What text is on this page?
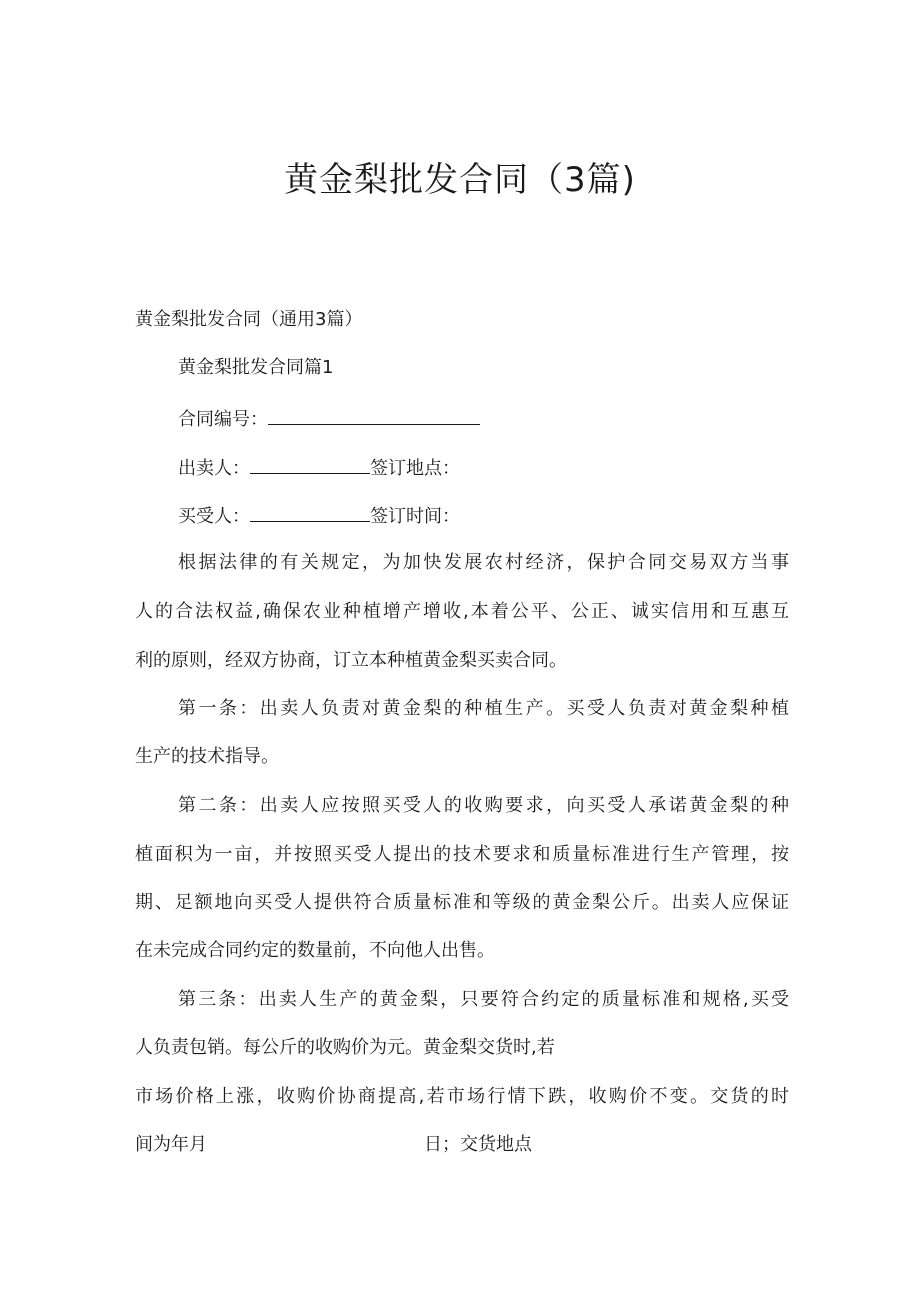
黄金梨批发合同（3篇)

黄金梨批发合同（通用3篇）

黄金梨批发合同篇1

合同编号：

出卖人：	签订地点：

买受人：	签订时间：

根据法律的有关规定，为加快发展农村经济，保护合同交易双方当事

人的合法权益,确保农业种植增产增收,本着公平、公正、诚实信用和互惠互

利的原则，经双方协商，订立本种植黄金梨买卖合同。

第一条：出卖人负责对黄金梨的种植生产。买受人负责对黄金梨种植

生产的技术指导。

第二条：出卖人应按照买受人的收购要求，向买受人承诺黄金梨的种

植面积为一亩，并按照买受人提出的技术要求和质量标准进行生产管理，按

期、足额地向买受人提供符合质量标准和等级的黄金梨公斤。出卖人应保证

在未完成合同约定的数量前，不向他人出售。

第三条：出卖人生产的黄金梨，只要符合约定的质量标准和规格,买受

人负责包销。每公斤的收购价为元。黄金梨交货时,若

市场价格上涨，收购价协商提高,若市场行情下跌，收购价不变。交货的时

间为年月	日；交货地点
